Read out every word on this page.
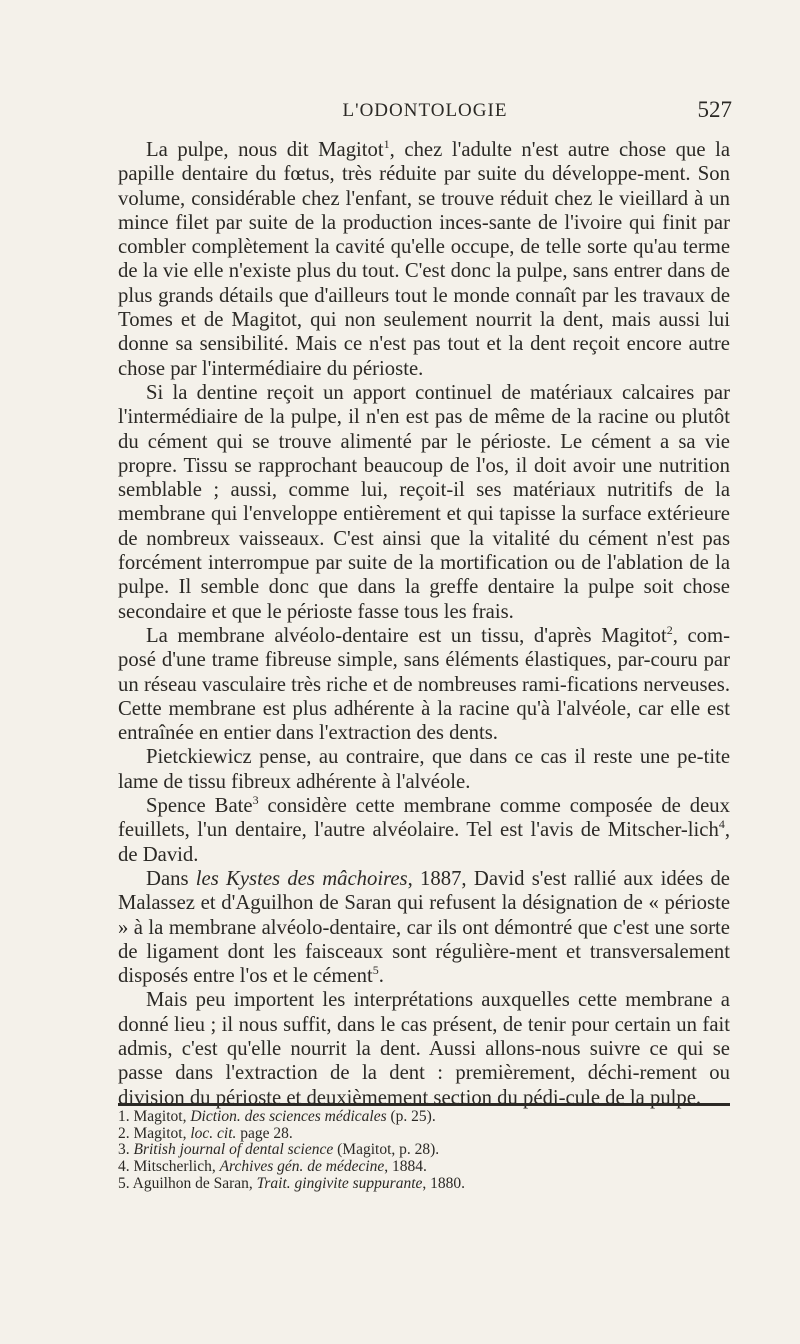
L'ODONTOLOGIE	527

La pulpe, nous dit Magitot$^1$, chez l'adulte n'est autre chose que la papille dentaire du fœtus, très réduite par suite du développe-ment. Son volume, considérable chez l'enfant, se trouve réduit chez le vieillard à un mince filet par suite de la production inces-sante de l'ivoire qui finit par combler complètement la cavité qu'elle occupe, de telle sorte qu'au terme de la vie elle n'existe plus du tout. C'est donc la pulpe, sans entrer dans de plus grands détails que d'ailleurs tout le monde connaît par les travaux de Tomes et de Magitot, qui non seulement nourrit la dent, mais aussi lui donne sa sensibilité. Mais ce n'est pas tout et la dent reçoit encore autre chose par l'intermédiaire du périoste.

Si la dentine reçoit un apport continuel de matériaux calcaires par l'intermédiaire de la pulpe, il n'en est pas de même de la racine ou plutôt du cément qui se trouve alimenté par le périoste. Le cément a sa vie propre. Tissu se rapprochant beaucoup de l'os, il doit avoir une nutrition semblable ; aussi, comme lui, reçoit-il ses matériaux nutritifs de la membrane qui l'enveloppe entièrement et qui tapisse la surface extérieure de nombreux vaisseaux. C'est ainsi que la vitalité du cément n'est pas forcément interrompue par suite de la mortification ou de l'ablation de la pulpe. Il semble donc que dans la greffe dentaire la pulpe soit chose secondaire et que le périoste fasse tous les frais.

La membrane alvéolo-dentaire est un tissu, d'après Magitot$^2$, com-posé d'une trame fibreuse simple, sans éléments élastiques, par-couru par un réseau vasculaire très riche et de nombreuses rami-fications nerveuses. Cette membrane est plus adhérente à la racine qu'à l'alvéole, car elle est entraînée en entier dans l'extraction des dents.

Pietckiewicz pense, au contraire, que dans ce cas il reste une pe-tite lame de tissu fibreux adhérente à l'alvéole.

Spence Bate$^3$ considère cette membrane comme composée de deux feuillets, l'un dentaire, l'autre alvéolaire. Tel est l'avis de Mitscher-lich$^4$, de David.

Dans les Kystes des mâchoires, 1887, David s'est rallié aux idées de Malassez et d'Aguilhon de Saran qui refusent la désignation de « périoste » à la membrane alvéolo-dentaire, car ils ont démontré que c'est une sorte de ligament dont les faisceaux sont régulière-ment et transversalement disposés entre l'os et le cément$^5$.

Mais peu importent les interprétations auxquelles cette membrane a donné lieu ; il nous suffit, dans le cas présent, de tenir pour certain un fait admis, c'est qu'elle nourrit la dent. Aussi allons-nous suivre ce qui se passe dans l'extraction de la dent : premièrement, déchi-rement ou division du périoste et deuxièmement section du pédi-cule de la pulpe.

1. Magitot, Diction. des sciences médicales (p. 25).
2. Magitot, loc. cit. page 28.
3. British journal of dental science (Magitot, p. 28).
4. Mitscherlich, Archives gén. de médecine, 1884.
5. Aguilhon de Saran, Trait. gingivite suppurante, 1880.
